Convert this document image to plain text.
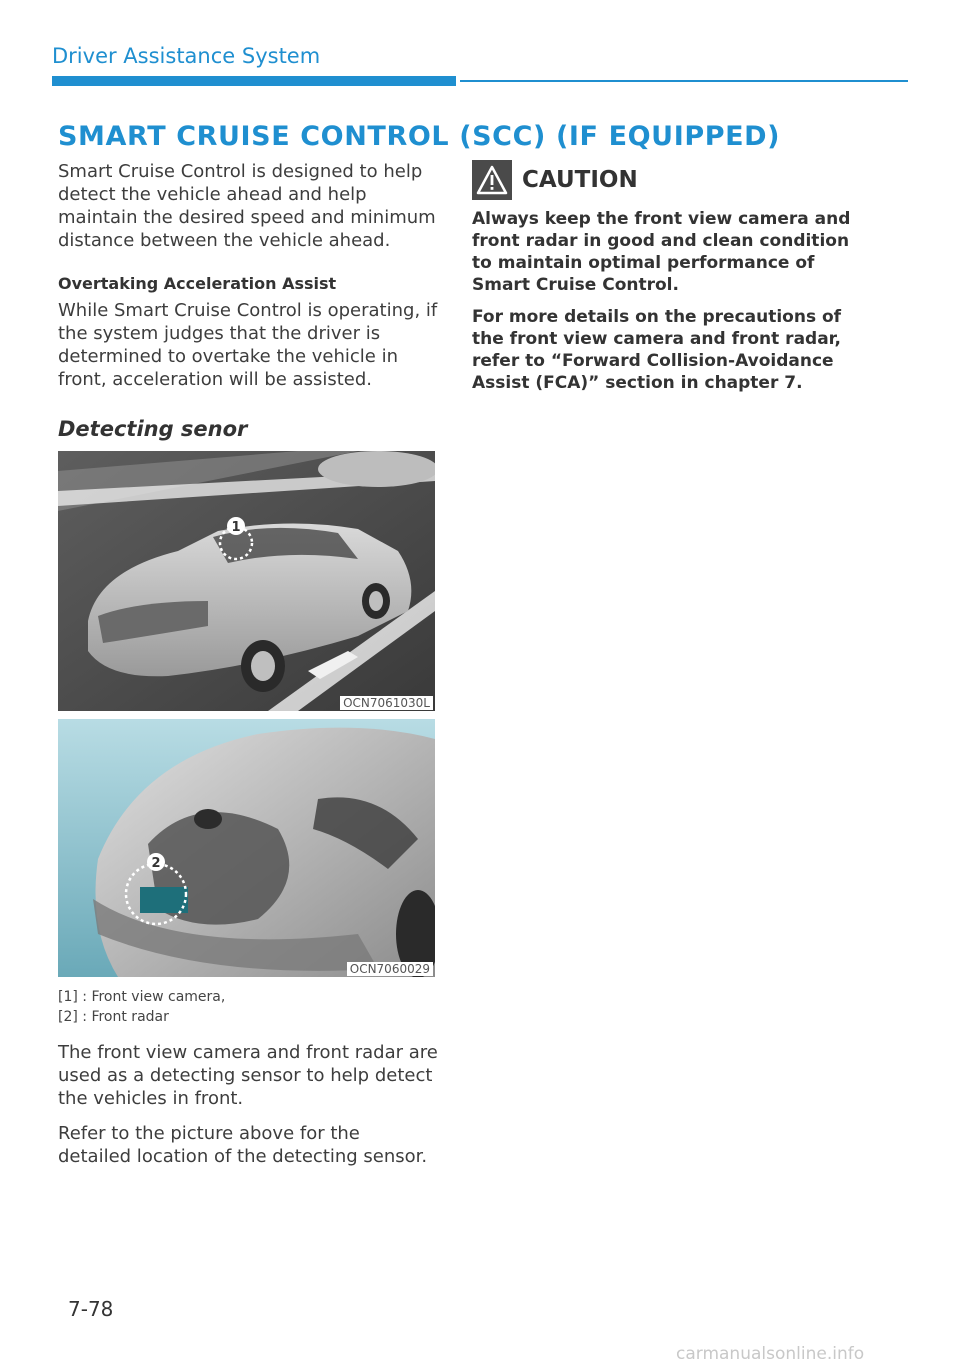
Driver Assistance System
SMART CRUISE CONTROL (SCC) (IF EQUIPPED)

Smart Cruise Control is designed to help detect the vehicle ahead and help maintain the desired speed and minimum distance between the vehicle ahead.

Overtaking Acceleration Assist

While Smart Cruise Control is operating, if the system judges that the driver is determined to overtake the vehicle in front, acceleration will be assisted.

Detecting senor
1
OCN7061030L
2
OCN7060029
[1] : Front view camera,
[2] : Front radar

The front view camera and front radar are used as a detecting sensor to help detect the vehicles in front.

Refer to the picture above for the detailed location of the detecting sensor.

CAUTION

Always keep the front view camera and front radar in good and clean condition to maintain optimal performance of Smart Cruise Control.

For more details on the precautions of the front view camera and front radar, refer to “Forward Collision-Avoidance Assist (FCA)” section in chapter 7.

7-78
carmanualsonline.info
